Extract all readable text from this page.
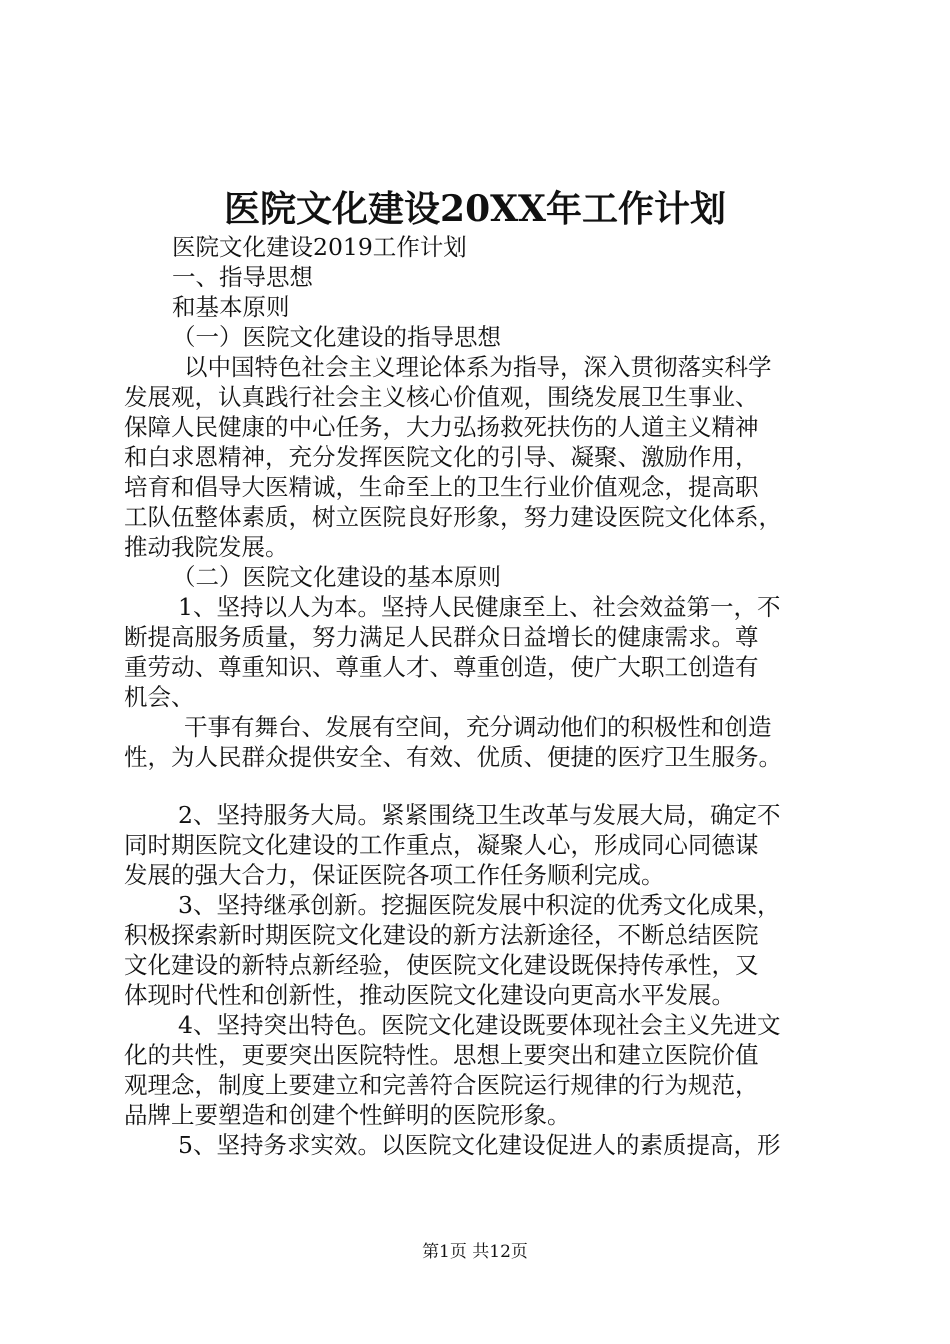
医院文化建设20XX年工作计划
医院文化建设2019工作计划
一、指导思想
和基本原则
（一）医院文化建设的指导思想
以中国特色社会主义理论体系为指导，深入贯彻落实科学
发展观，认真践行社会主义核心价值观，围绕发展卫生事业、
保障人民健康的中心任务，大力弘扬救死扶伤的人道主义精神
和白求恩精神，充分发挥医院文化的引导、凝聚、激励作用，
培育和倡导大医精诚，生命至上的卫生行业价值观念，提高职
工队伍整体素质，树立医院良好形象，努力建设医院文化体系，
推动我院发展。
（二）医院文化建设的基本原则
1、坚持以人为本。坚持人民健康至上、社会效益第一，不
断提高服务质量，努力满足人民群众日益增长的健康需求。尊
重劳动、尊重知识、尊重人才、尊重创造，使广大职工创造有
机会、
干事有舞台、发展有空间，充分调动他们的积极性和创造
性，为人民群众提供安全、有效、优质、便捷的医疗卫生服务。
2、坚持服务大局。紧紧围绕卫生改革与发展大局，确定不
同时期医院文化建设的工作重点，凝聚人心，形成同心同德谋
发展的强大合力，保证医院各项工作任务顺利完成。
3、坚持继承创新。挖掘医院发展中积淀的优秀文化成果，
积极探索新时期医院文化建设的新方法新途径，不断总结医院
文化建设的新特点新经验，使医院文化建设既保持传承性，又
体现时代性和创新性，推动医院文化建设向更高水平发展。
4、坚持突出特色。医院文化建设既要体现社会主义先进文
化的共性，更要突出医院特性。思想上要突出和建立医院价值
观理念，制度上要建立和完善符合医院运行规律的行为规范，
品牌上要塑造和创建个性鲜明的医院形象。
5、坚持务求实效。以医院文化建设促进人的素质提高，形
第1页 共12页
